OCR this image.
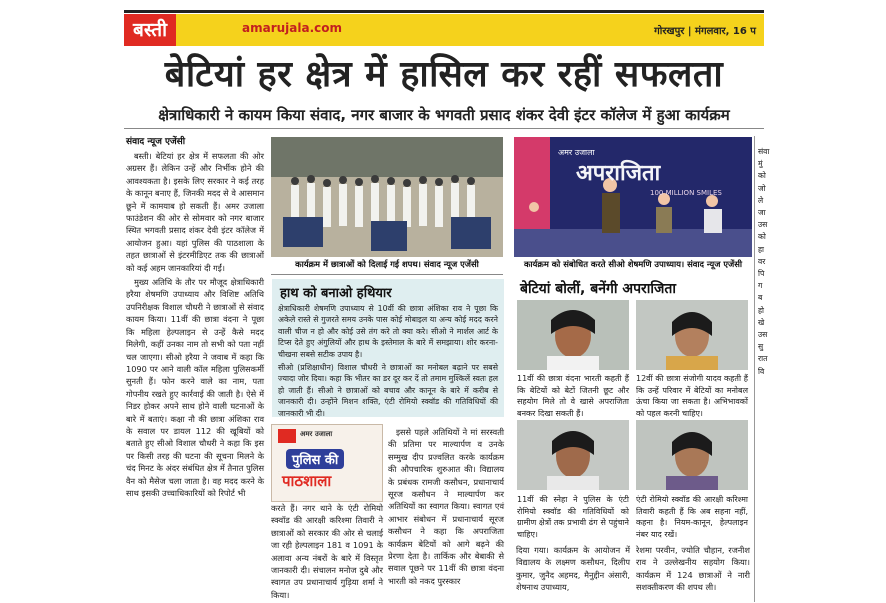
बस्ती	amarujala.com	गोरखपुर | मंगलवार, 16 प
बेटियां हर क्षेत्र में हासिल कर रहीं सफलता
क्षेत्राधिकारी ने कायम किया संवाद, नगर बाजार के भगवती प्रसाद शंकर देवी इंटर कॉलेज में हुआ कार्यक्रम
संवाद न्यूज एजेंसी

बस्ती। बेटियां हर क्षेत्र में सफलता की ओर अग्रसर हैं। लेकिन उन्हें और निर्भीक होने की आवश्यकता है। इसके लिए सरकार ने कई तरह के कानून बनाए हैं, जिनकी मदद से वे आसमान छूने में कामयाब हो सकती हैं। अमर उजाला फाउंडेशन की ओर से सोमवार को नगर बाजार स्थित भगवती प्रसाद शंकर देवी इंटर कॉलेज में आयोजन हुआ। यहां पुलिस की पाठशाला के तहत छात्राओं से इंटरमीडिएट तक की छात्राओं को कई अहम जानकारियां दी गईं।

मुख्य अतिथि के तौर पर मौजूद क्षेत्राधिकारी हरैया शेषमणि उपाध्याय और विशिष्ट अतिथि उपनिरीक्षक विशाल चौधरी ने छात्राओं से संवाद कायम किया। 11वीं की छात्रा वंदना ने पूछा कि महिला हेल्पलाइन से उन्हें कैसे मदद मिलेगी, कहीं उनका नाम तो सभी को पता नहीं चल जाएगा। सीओ हरैया ने जवाब में कहा कि 1090 पर आने वाली कॉल महिला पुलिसकर्मी सुनती हैं। फोन करने वाले का नाम, पता गोपनीय रखते हुए कार्रवाई की जाती है। ऐसे में निडर होकर अपने साथ होने वाली घटनाओं के बारे में बताएं। कक्षा नौ की छात्रा अंशिका राव के सवाल पर डायल 112 की खूबियों को बताते हुए सीओ विशाल चौधरी ने कहा कि इस पर किसी तरह की घटना की सूचना मिलने के चंद मिनट के अंदर संबंधित क्षेत्र में तैनात पुलिस वैन को मैसेज चला जाता है। वह मदद करने के साथ इसकी उच्चाधिकारियों को रिपोर्ट भी

कार्यक्रम में छात्राओं को दिलाई गई शपथ। संवाद न्यूज एजेंसी
अमर उजाला
अपराजिता
100 MILLION SMILES
कार्यक्रम को संबोधित करते सीओ शेषमणि उपाध्याय। संवाद न्यूज एजेंसी
हाथ को बनाओ हथियार

क्षेत्राधिकारी शेषमणि उपाध्याय से 10वीं की छात्रा अंशिका राव ने पूछा कि अकेले रास्ते से गुजरते समय उनके पास कोई मोबाइल या अन्य कोई मदद करने वाली चीज न हो और कोई उसे तंग करे तो क्या करे। सीओ ने मार्शल आर्ट के टिप्स देते हुए अंगुलियों और हाथ के इस्तेमाल के बारे में समझाया। शोर करना-चीखना सबसे सटीक उपाय है।

सीओ (प्रशिक्षाधीन) विशाल चौधरी ने छात्राओं का मनोबल बढ़ाने पर सबसे ज्यादा जोर दिया। कहा कि भीतर का डर दूर कर दें तो तमाम मुश्किलें स्वतः हल हो जाती हैं। सीओ ने छात्राओं को बचाव और कानून के बारे में करीब से जानकारी दी। उन्होंने मिशन शक्ति, एंटी रोमियो स्क्वॉड की गतिविधियों की जानकारी भी दी।

अमर उजाला
पुलिस की
पाठशाला

करते हैं। नगर थाने के एंटी रोमियो स्क्वॉड की आरक्षी करिश्मा तिवारी ने छात्राओं को सरकार की ओर से चलाई जा रही हेल्पलाइन 181 व 1091 के अलावा अन्य नंबरों के बारे में विस्तृत जानकारी दी। संचालन मनोज दुबे और स्वागत उप प्रधानाचार्य गुड़िया शर्मा ने किया।

इससे पहले अतिथियों ने मां सरस्वती की प्रतिमा पर माल्यार्पण व उनके सम्मुख दीप प्रज्वलित करके कार्यक्रम की औपचारिक शुरुआत की। विद्यालय के प्रबंधक रामजी कसौधन, प्रधानाचार्य सूरज कसौधन ने माल्यार्पण कर अतिथियों का स्वागत किया। स्वागत एवं आभार संबोधन में प्रधानाचार्य सूरज कसौधन ने कहा कि अपराजिता कार्यक्रम बेटियों को आगे बढ़ने की प्रेरणा देता है। तार्किक और बेबाकी से सवाल पूछने पर 11वीं की छात्रा वंदना भारती को नकद पुरस्कार

बेटियां बोलीं, बनेंगी अपराजिता
11वीं की छात्रा वंदना भारती कहती हैं कि बेटियों को बेटों जितनी छूट और सहयोग मिले तो वे खासे अपराजिता बनकर दिखा सकती हैं।
12वीं की छात्रा संजोगी यादव कहती हैं कि उन्हें परिवार में बेटियों का मनोबल ऊंचा किया जा सकता है। अभिभावकों को पहल करनी चाहिए।
11वीं की स्नेहा ने पुलिस के एंटी रोमियो स्क्वॉड की गतिविधियों को ग्रामीण क्षेत्रों तक प्रभावी ढंग से पहुंचाने चाहिए।
एंटी रोमियो स्क्वॉड की आरक्षी करिश्मा तिवारी कहती हैं कि अब सहना नहीं, कहना है। नियम-कानून, हेल्पलाइन नंबर याद रखें।

दिया गया। कार्यक्रम के आयोजन में विद्यालय के लक्ष्मण कसौधन, दिलीप कुमार, जुनैद अहमद, मैनुद्दीन अंसारी, शेषनाथ उपाध्याय,

रेशमा परवीन, ज्योति चौहान, रजनीश राव ने उल्लेखनीय सहयोग किया। कार्यक्रम में 124 छात्राओं ने नारी सशक्तीकरण की शपथ ली।

संवा
मुं
को
जो
ले
जा
उस
को
हा
वर
पि
ग
ब
हो
खे
उस
सु
रात
वि
